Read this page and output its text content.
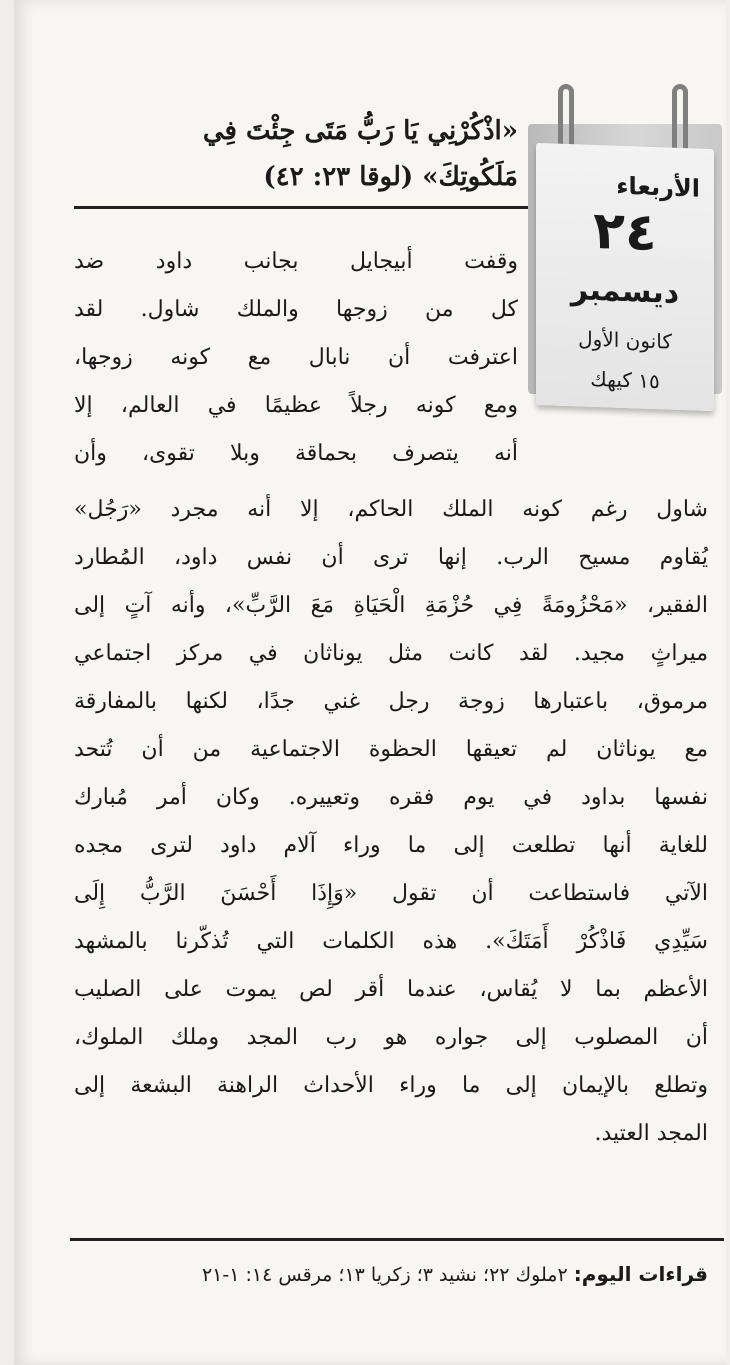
الأربعاء
٢٤
ديسمبر
كانون الأول
١٥ كيهك
«اذْكُرْنِي يَا رَبُّ مَتَى جِئْتَ فِي
مَلَكُوتِكَ» (لوقا ٢٣: ٤٢)
وقفت أبيجايل بجانب داود ضد
كل من زوجها والملك شاول. لقد
اعترفت أن نابال مع كونه زوجها،
ومع كونه رجلاً عظيمًا في العالم، إلا
أنه يتصرف بحماقة وبلا تقوى، وأن
شاول رغم كونه الملك الحاكم، إلا أنه مجرد «رَجُل»
يُقاوم مسيح الرب. إنها ترى أن نفس داود، المُطارد
الفقير، «مَحْزُومَةً فِي حُزْمَةِ الْحَيَاةِ مَعَ الرَّبِّ»، وأنه آتٍ إلى
ميراثٍ مجيد. لقد كانت مثل يوناثان في مركز اجتماعي
مرموق، باعتبارها زوجة رجل غني جدًا، لكنها بالمفارقة
مع يوناثان لم تعيقها الحظوة الاجتماعية من أن تُتحد
نفسها بداود في يوم فقره وتعييره. وكان أمر مُبارك
للغاية أنها تطلعت إلى ما وراء آلام داود لترى مجده
الآتي فاستطاعت أن تقول «وَإِذَا أَحْسَنَ الرَّبُّ إِلَى
سَيِّدِي فَاذْكُرْ أَمَتَكَ». هذه الكلمات التي تُذكّرنا بالمشهد
الأعظم بما لا يُقاس، عندما أقر لص يموت على الصليب
أن المصلوب إلى جواره هو رب المجد وملك الملوك،
وتطلع بالإيمان إلى ما وراء الأحداث الراهنة البشعة إلى
المجد العتيد.
قراءات اليوم: ٢ملوك ٢٢؛ نشيد ٣؛ زكريا ١٣؛ مرقس ١٤: ١-٢١
